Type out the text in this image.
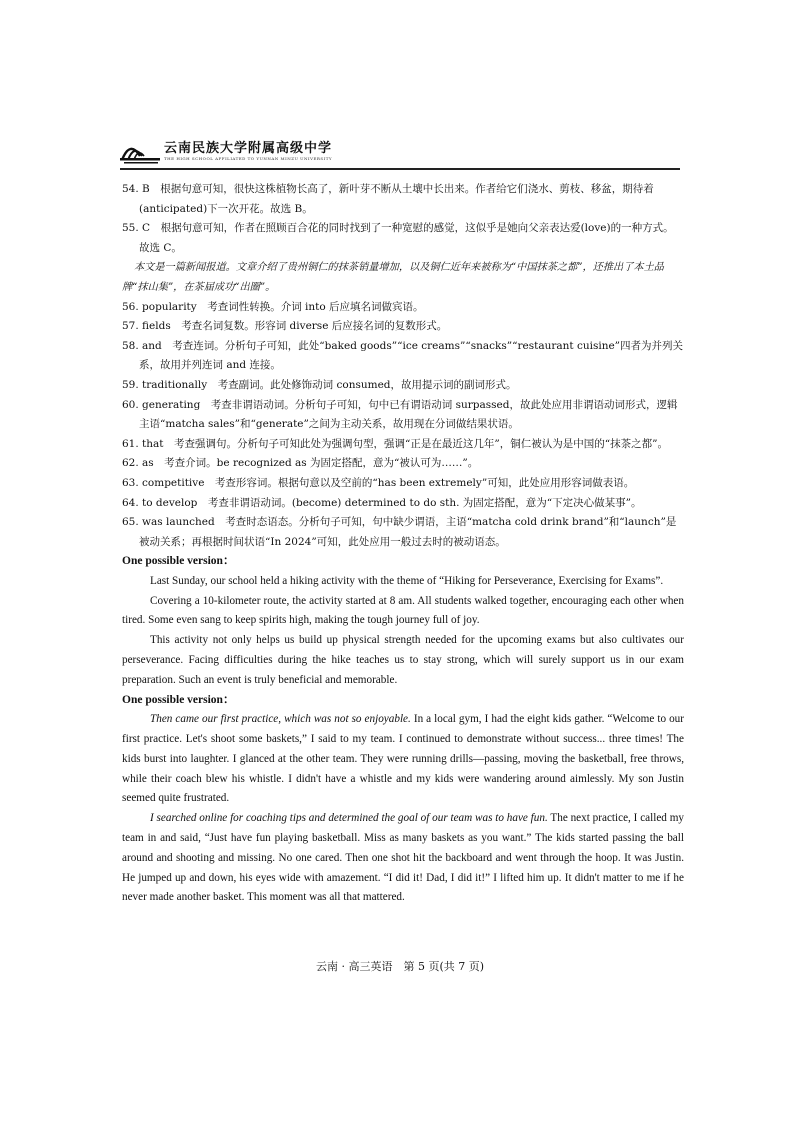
云南民族大学附属高级中学
THE HIGH SCHOOL AFFILIATED TO YUNNAN MINZU UNIVERSITY
54. B　根据句意可知，很快这株植物长高了，新叶芽不断从土壤中长出来。作者给它们浇水、剪枝、移盆，期待着(anticipated)下一次开花。故选 B。
55. C　根据句意可知，作者在照顾百合花的同时找到了一种宽慰的感觉，这似乎是她向父亲表达爱(love)的一种方式。故选 C。
本文是一篇新闻报道。文章介绍了贵州铜仁的抹茶销量增加，以及铜仁近年来被称为“中国抹茶之都”，还推出了本土品牌“抹山集”，在茶届成功“出圈”。
56. popularity　考查词性转换。介词 into 后应填名词做宾语。
57. fields　考查名词复数。形容词 diverse 后应接名词的复数形式。
58. and　考查连词。分析句子可知，此处“baked goods”“ice creams”“snacks”“restaurant cuisine”四者为并列关系，故用并列连词 and 连接。
59. traditionally　考查副词。此处修饰动词 consumed，故用提示词的副词形式。
60. generating　考查非谓语动词。分析句子可知，句中已有谓语动词 surpassed，故此处应用非谓语动词形式，逻辑主语“matcha sales”和“generate”之间为主动关系，故用现在分词做结果状语。
61. that　考查强调句。分析句子可知此处为强调句型，强调“正是在最近这几年”，铜仁被认为是中国的“抹茶之都”。
62. as　考查介词。be recognized as 为固定搭配，意为“被认可为……”。
63. competitive　考查形容词。根据句意以及空前的“has been extremely”可知，此处应用形容词做表语。
64. to develop　考查非谓语动词。(become) determined to do sth. 为固定搭配，意为“下定决心做某事”。
65. was launched　考查时态语态。分析句子可知，句中缺少谓语，主语“matcha cold drink brand”和“launch”是被动关系；再根据时间状语“In 2024”可知，此处应用一般过去时的被动语态。
One possible version：
Last Sunday, our school held a hiking activity with the theme of “Hiking for Perseverance, Exercising for Exams”.
Covering a 10-kilometer route, the activity started at 8 am. All students walked together, encouraging each other when tired. Some even sang to keep spirits high, making the tough journey full of joy.
This activity not only helps us build up physical strength needed for the upcoming exams but also cultivates our perseverance. Facing difficulties during the hike teaches us to stay strong, which will surely support us in our exam preparation. Such an event is truly beneficial and memorable.
One possible version：
Then came our first practice, which was not so enjoyable. In a local gym, I had the eight kids gather. “Welcome to our first practice. Let's shoot some baskets,” I said to my team. I continued to demonstrate without success... three times! The kids burst into laughter. I glanced at the other team. They were running drills—passing, moving the basketball, free throws, while their coach blew his whistle. I didn't have a whistle and my kids were wandering around aimlessly. My son Justin seemed quite frustrated.
I searched online for coaching tips and determined the goal of our team was to have fun. The next practice, I called my team in and said, “Just have fun playing basketball. Miss as many baskets as you want.” The kids started passing the ball around and shooting and missing. No one cared. Then one shot hit the backboard and went through the hoop. It was Justin. He jumped up and down, his eyes wide with amazement. “I did it! Dad, I did it!” I lifted him up. It didn't matter to me if he never made another basket. This moment was all that mattered.
云南 · 高三英语　第 5 页(共 7 页)
